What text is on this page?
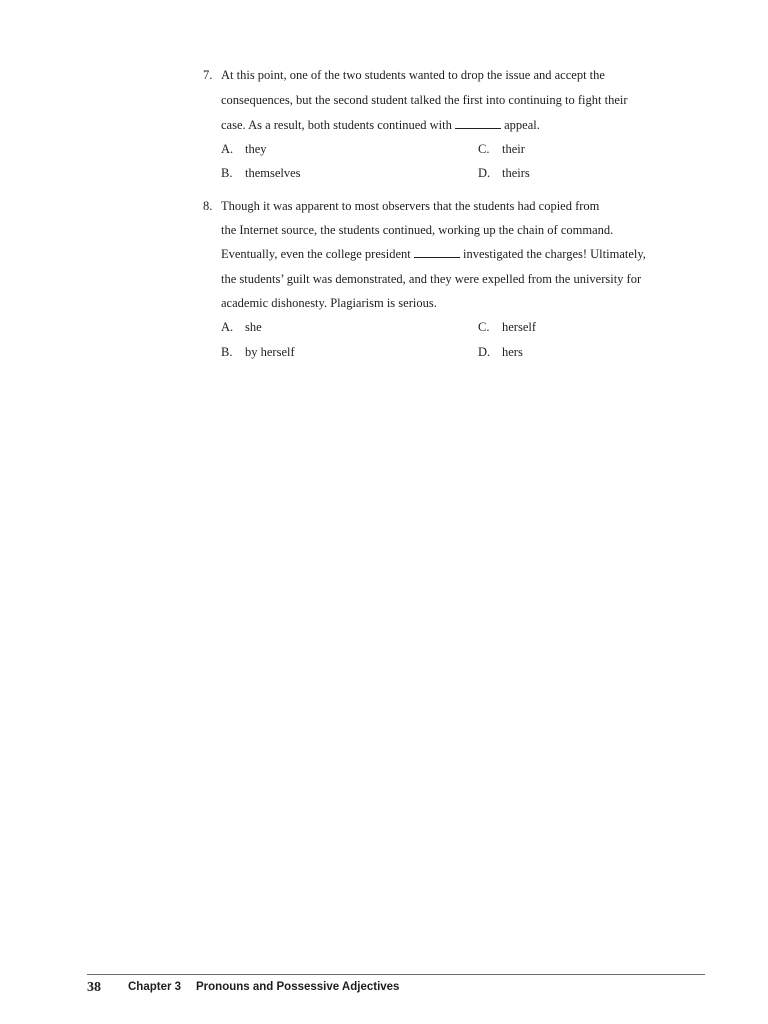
7. At this point, one of the two students wanted to drop the issue and accept the
consequences, but the second student talked the first into continuing to fight their
case. As a result, both students continued with	appeal.
A. they
B. themselves
C. their
D. theirs
8. Though it was apparent to most observers that the students had copied from
the Internet source, the students continued, working up the chain of command.
Eventually, even the college president	investigated the charges! Ultimately,
the students’ guilt was demonstrated, and they were expelled from the university for
academic dishonesty. Plagiarism is serious.
A. she
B. by herself
C. herself
D. hers
38 Chapter 3 Pronouns and Possessive Adjectives
